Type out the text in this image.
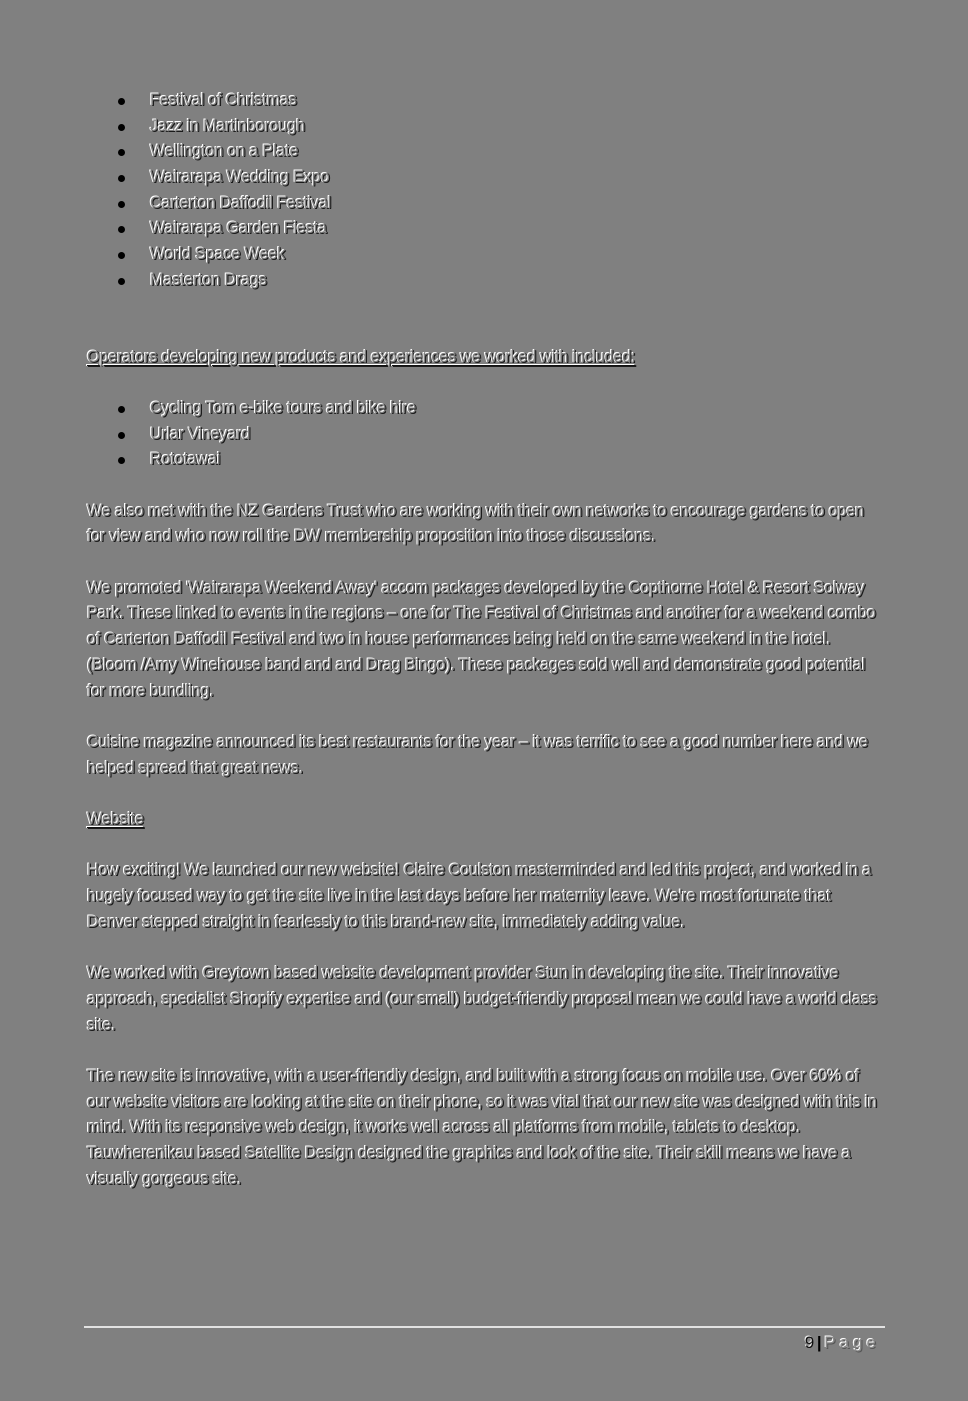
Festival of Christmas
Jazz in Martinborough
Wellington on a Plate
Wairarapa Wedding Expo
Carterton Daffodil Festival
Wairarapa Garden Fiesta
World Space Week
Masterton Drags
Operators developing new products and experiences we worked with included:
Cycling Tom e-bike tours and bike hire
Urlar Vineyard
Rototawai

We also met with the NZ Gardens Trust who are working with their own networks to encourage gardens to open for view and who now roll the DW membership proposition into those discussions.

We promoted 'Wairarapa Weekend Away' accom packages developed by the Copthorne Hotel & Resort Solway Park. These linked to events in the regions – one for The Festival of Christmas and another for a weekend combo of Carterton Daffodil Festival and two in house performances being held on the same weekend in the hotel. (Bloom /Amy Winehouse band and and Drag Bingo). These packages sold well and demonstrate good potential for more bundling.

Cuisine magazine announced its best restaurants for the year – it was terrific to see a good number here and we helped spread that great news.

Website

How exciting! We launched our new website! Claire Coulston masterminded and led this project, and worked in a hugely focused way to get the site live in the last days before her maternity leave. We're most fortunate that Denver stepped straight in fearlessly to this brand-new site, immediately adding value.

We worked with Greytown based website development provider Stun in developing the site. Their innovative approach, specialist Shopify expertise and (our small) budget-friendly proposal mean we could have a world class site.

The new site is innovative, with a user-friendly design, and built with a strong focus on mobile use. Over 60% of our website visitors are looking at the site on their phone, so it was vital that our new site was designed with this in mind. With its responsive web design, it works well across all platforms from mobile, tablets to desktop. Tauwherenikau based Satellite Design designed the graphics and look of the site. Their skill means we have a visually gorgeous site.

9 | Page
